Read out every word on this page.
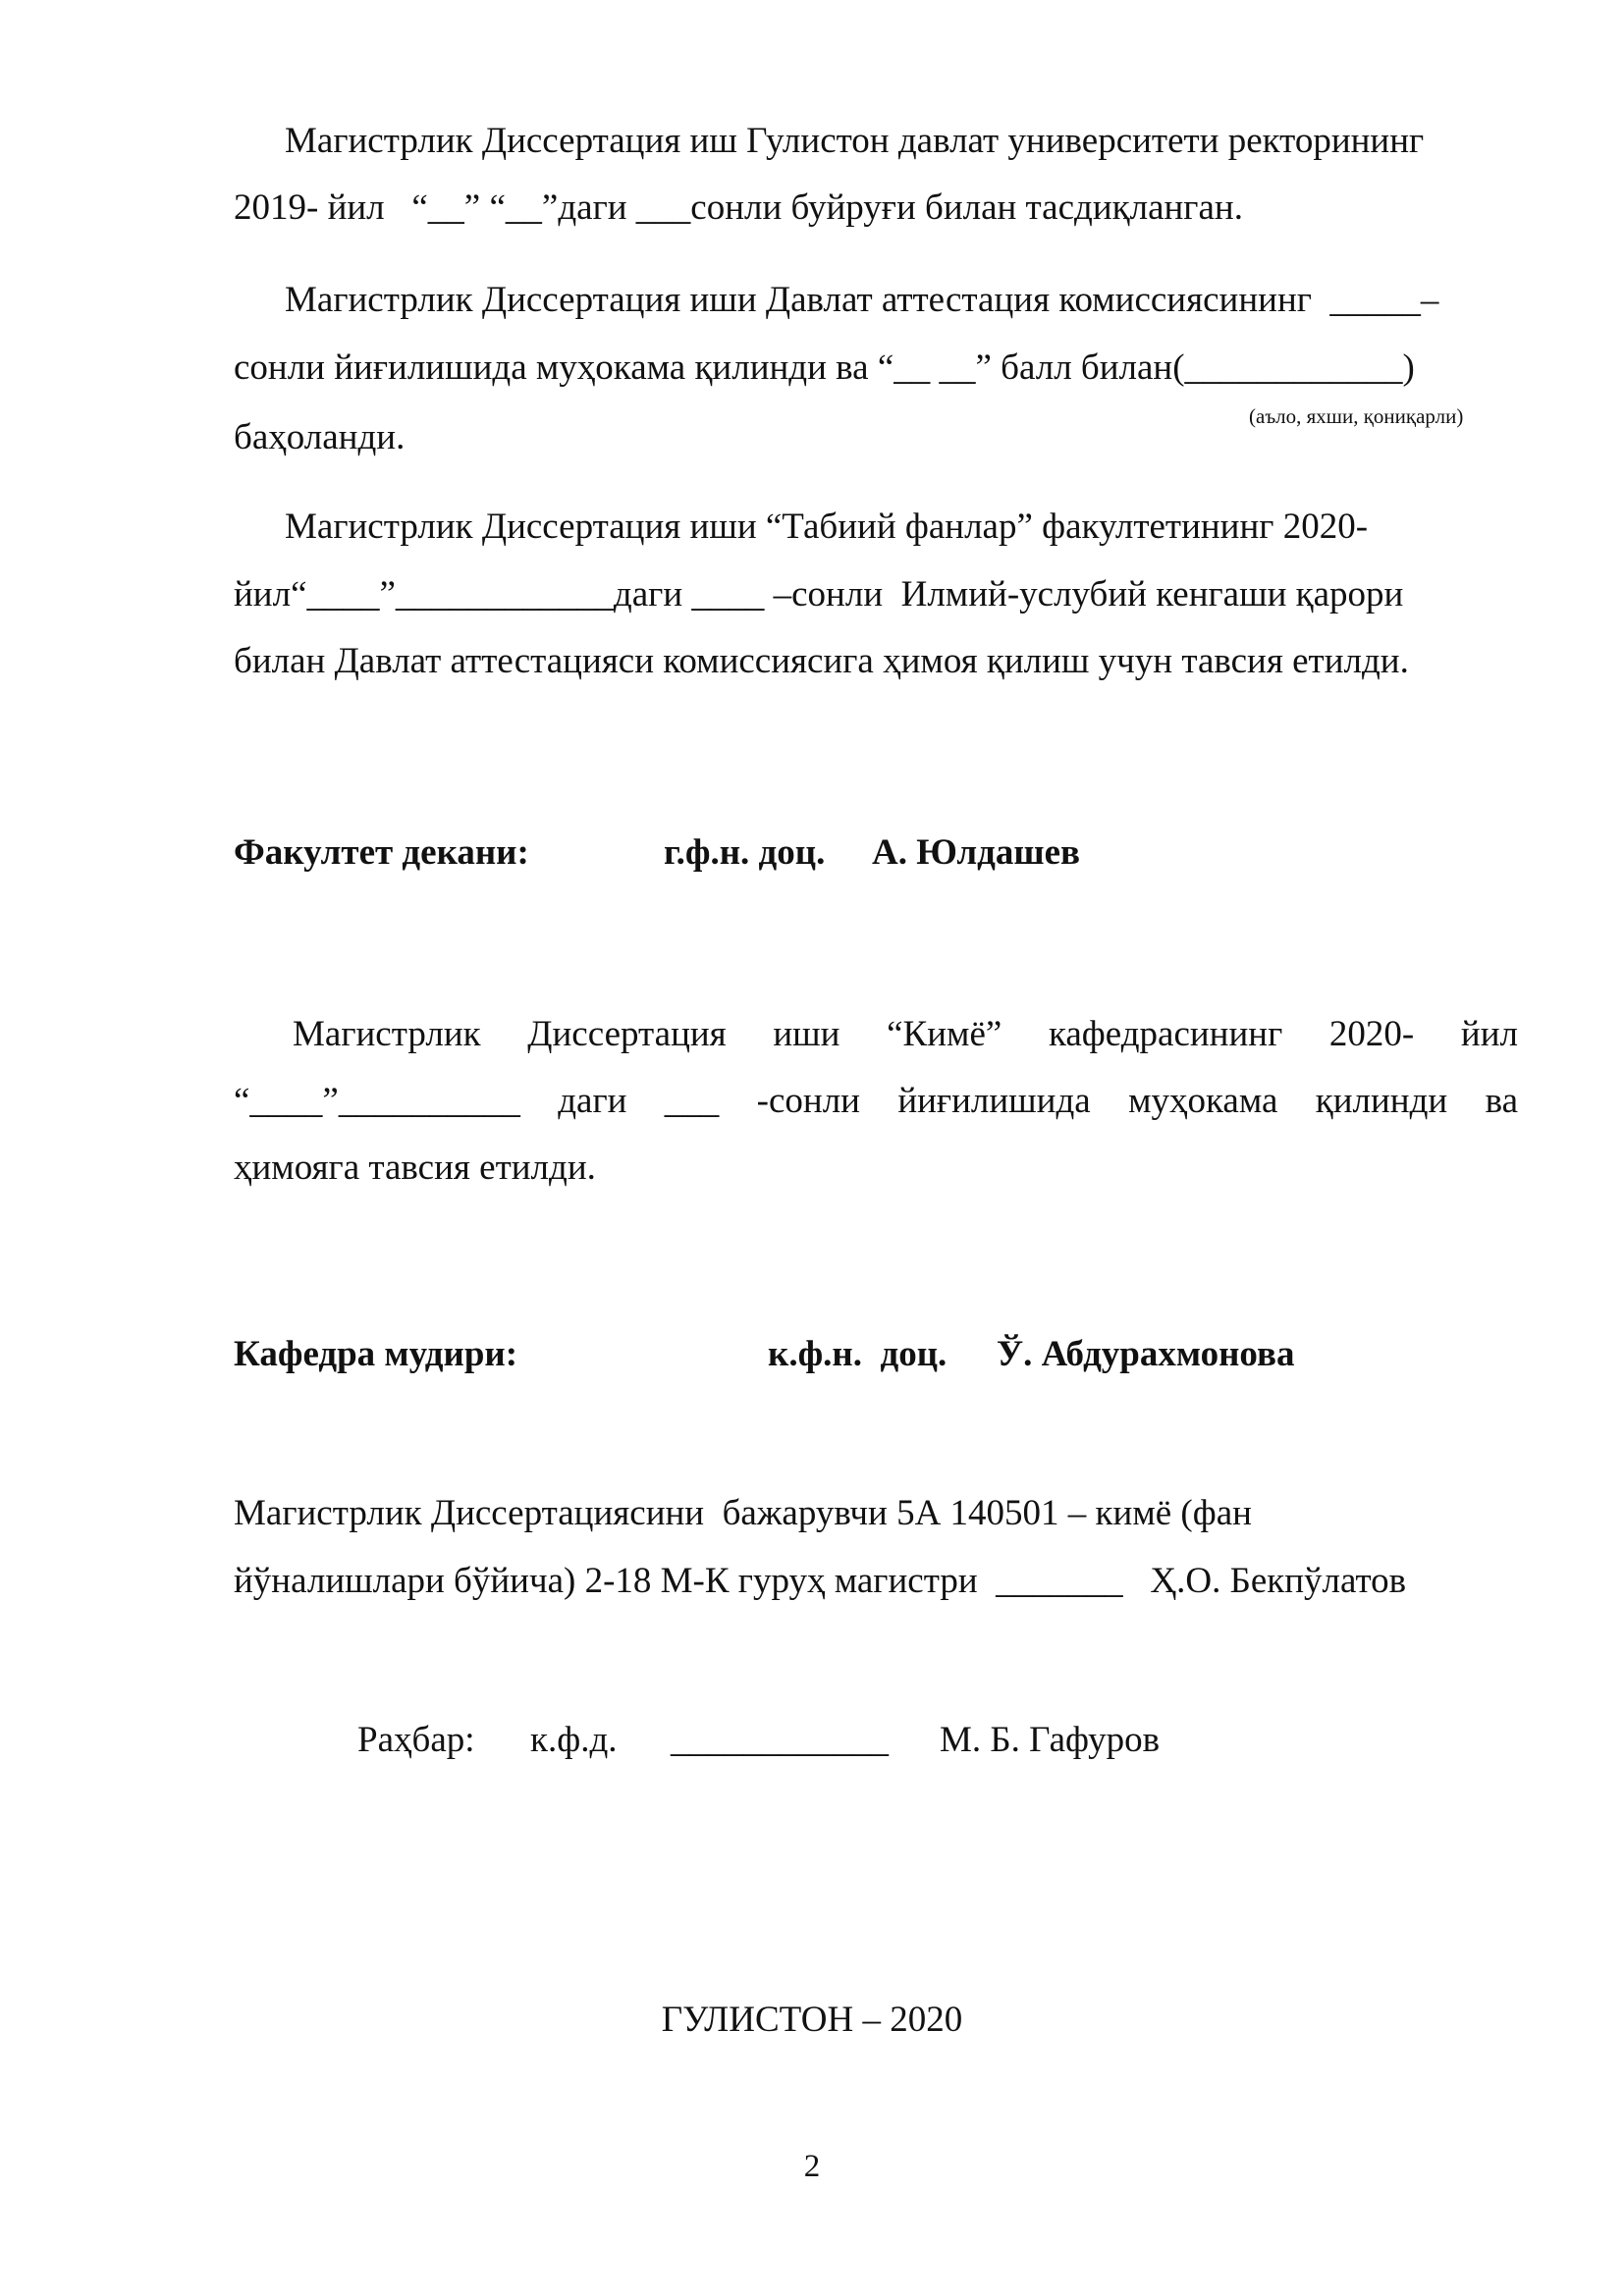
Магистрлик Диссертация иш Гулистон давлат университети ректорининг
2019- йил   “__” “__”даги ___сонли буйруғи билан тасдиқланган.
Магистрлик Диссертация иши Давлат аттестация комиссиясининг  _____–
сонли йиғилишида муҳокама қилинди ва “__ __” балл билан(____________)
(аъло, яхши, қониқарли)
баҳоланди.
Магистрлик Диссертация иши “Табиий фанлар” факултетининг 2020-
йил“____”____________даги ____ –сонли  Илмий-услубий кенгаши қарори
билан Давлат аттестацияси комиссиясига ҳимоя қилиш учун тавсия етилди.
Факултет декани:	г.ф.н. доц. А. Юлдашев
Магистрлик Диссертация иши “Кимё” кафедрасининг 2020- йил
“____”__________ даги ___ -сонли йиғилишида муҳокама қилинди ва
ҳимояга тавсия етилди.
Кафедра мудири:	к.ф.н.  доц. Ў. Абдурахмонова
Магистрлик Диссертациясини  бажарувчи 5А 140501 – кимё (фан
йўналишлари бўйича) 2-18 М-К гуруҳ магистри  _______   Ҳ.О. Бекпўлатов
Раҳбар: к.ф.д. ____________ М. Б. Гафуров
ГУЛИСТОН – 2020
2
